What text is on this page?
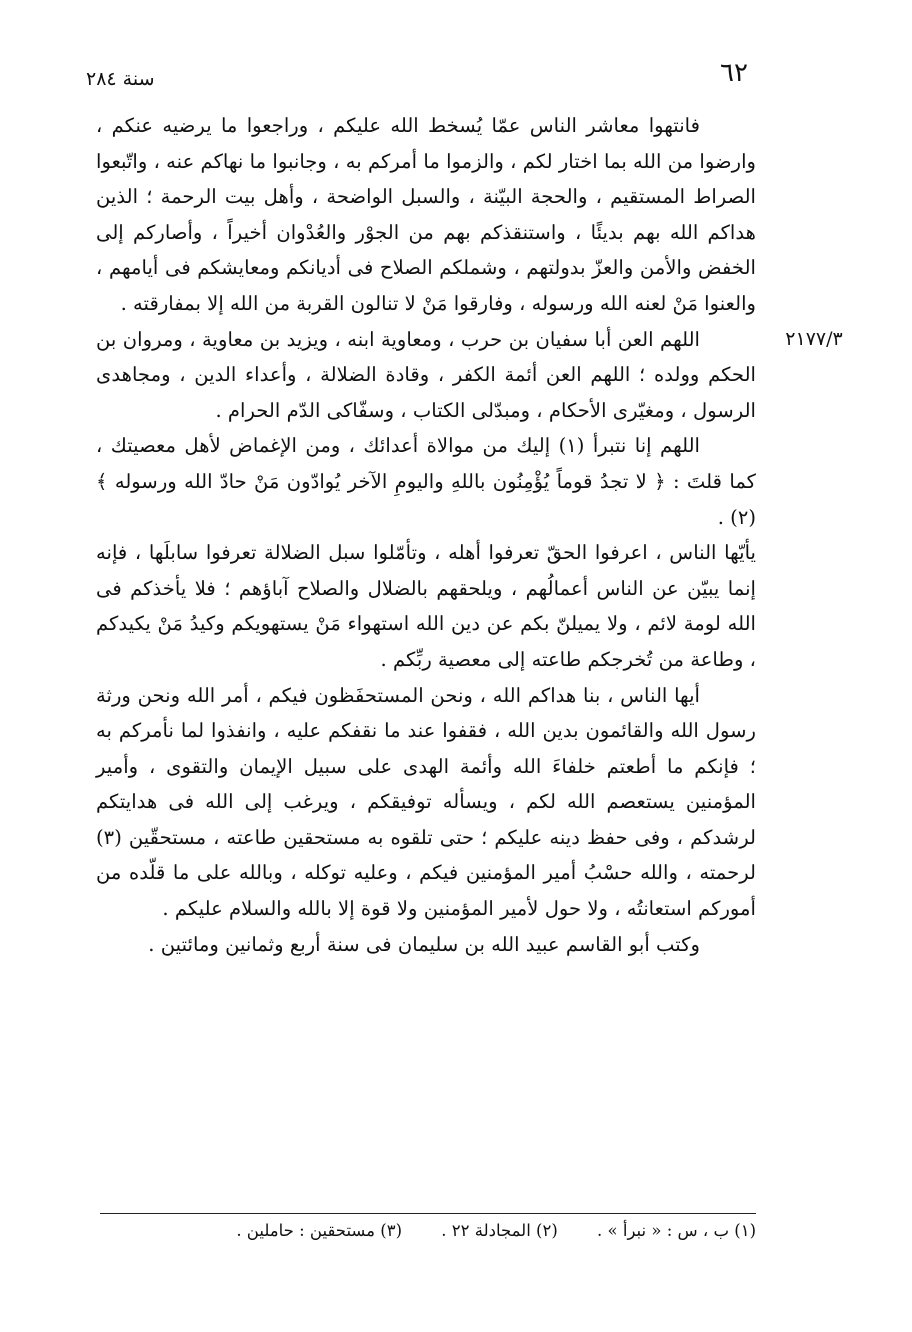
٦٢
سنة ٢٨٤

فانتهوا معاشر الناس عمّا يُسخط الله عليكم ، وراجعوا ما يرضيه عنكم ، وارضوا من الله بما اختار لكم ، والزموا ما أمركم به ، وجانبوا ما نهاكم عنه ، واتّبعوا الصراط المستقيم ، والحجة البيّنة ، والسبل الواضحة ، وأهل بيت الرحمة ؛ الذين هداكم الله بهم بديئًا ، واستنقذكم بهم من الجوْر والعُدْوان أخيراً ، وأصاركم إلى الخفض والأمن والعزّ بدولتهم ، وشملكم الصلاح فى أديانكم ومعايشكم فى أيامهم ، والعنوا مَنْ لعنه الله ورسوله ، وفارقوا مَنْ لا تنالون القربة من الله إلا بمفارقته .

اللهم العن أبا سفيان بن حرب ، ومعاوية ابنه ، ويزيد بن معاوية ، ومروان بن الحكم وولده ؛ اللهم العن أئمة الكفر ، وقادة الضلالة ، وأعداء الدين ، ومجاهدى الرسول ، ومغيّرى الأحكام ، ومبدّلى الكتاب ، وسفّاكى الدّم الحرام .

اللهم إنا نتبرأ (١) إليك من موالاة أعدائك ، ومن الإغماض لأهل معصيتك ، كما قلتَ : ﴿ لا تجدُ قوماً يُؤْمِنُون باللهِ واليومِ الآخر يُوادّون مَنْ حادّ الله ورسوله ﴾(٢) .

يأيّها الناس ، اعرفوا الحقّ تعرفوا أهله ، وتأمّلوا سبل الضلالة تعرفوا سابلَها ، فإنه إنما يبيّن عن الناس أعمالُهم ، ويلحقهم بالضلال والصلاح آباؤهم ؛ فلا يأخذكم فى الله لومة لائم ، ولا يميلنّ بكم عن دين الله استهواء مَنْ يستهويكم وكيدُ مَنْ يكيدكم ، وطاعة من تُخرجكم طاعته إلى معصية ربِّكم .

أيها الناس ، بنا هداكم الله ، ونحن المستحفَظون فيكم ، أمر الله ونحن ورثة رسول الله والقائمون بدين الله ، فقفوا عند ما نقفكم عليه ، وانفذوا لما نأمركم به ؛ فإنكم ما أطعتم خلفاءَ الله وأئمة الهدى على سبيل الإيمان والتقوى ، وأمير المؤمنين يستعصم الله لكم ، ويسأله توفيقكم ، ويرغب إلى الله فى هدايتكم لرشدكم ، وفى حفظ دينه عليكم ؛ حتى تلقوه به مستحقين طاعته ، مستحقّين (٣) لرحمته ، والله حسْبُ أمير المؤمنين فيكم ، وعليه توكله ، وبالله على ما قلّده من أموركم استعانتُه ، ولا حول لأمير المؤمنين ولا قوة إلا بالله والسلام عليكم .

وكتب أبو القاسم عبيد الله بن سليمان فى سنة أربع وثمانين ومائتين .

٢١٧٧/٣
(١) ب ، س : « نبرأ » . (٢) المجادلة ٢٢ . (٣) مستحقين : حاملين .
